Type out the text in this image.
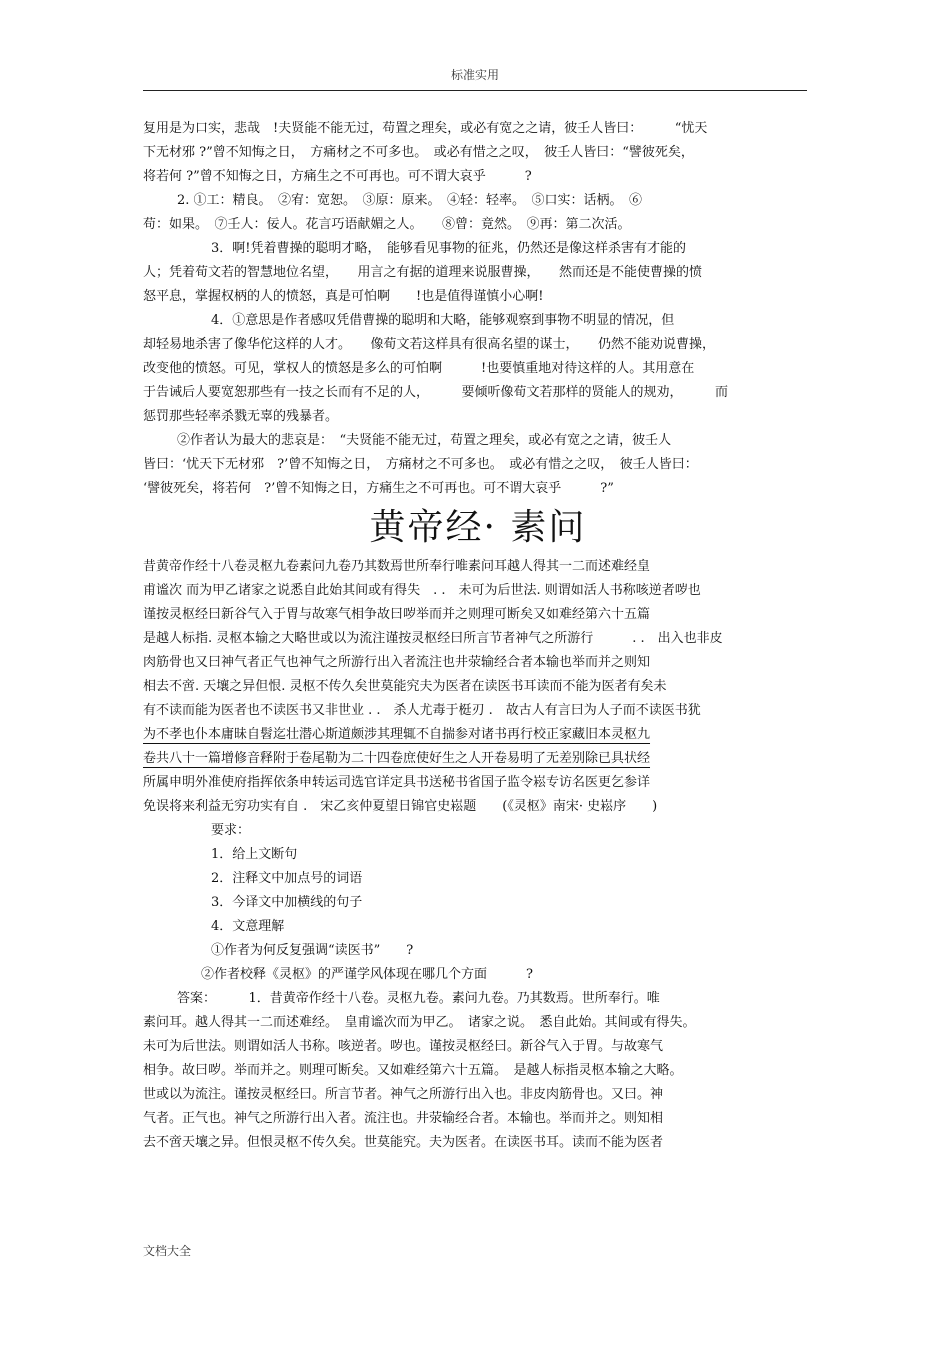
标准实用
复用是为口实，悲哉　!夫贤能不能无过，苟置之理矣，或必有宽之之请，彼壬人皆曰：　　　“忧天
下无材邪 ?”曾不知悔之日，　方痛材之不可多也。　或必有惜之之叹，　彼壬人皆曰：“譬彼死矣，
将若何 ?”曾不知悔之日，方痛生之不可再也。可不谓大哀乎　　　?
2. ①工：精良。　②宥：宽恕。　③原：原来。　④轻：轻率。　⑤口实：话柄。　⑥
苟：如果。　⑦壬人：佞人。花言巧语献媚之人。　　⑧曾：竟然。　⑨再：第二次活。
3．啊!凭着曹操的聪明才略，　能够看见事物的征兆，仍然还是像这样杀害有才能的
人；凭着荀文若的智慧地位名望，　　用言之有据的道理来说服曹操，　　然而还是不能使曹操的愤
怒平息，掌握权柄的人的愤怒，真是可怕啊　　!也是值得谨慎小心啊!
4．①意思是作者感叹凭借曹操的聪明和大略，能够观察到事物不明显的情况，但
却轻易地杀害了像华佗这样的人才。　　像荀文若这样具有很高名望的谋士，　　仍然不能劝说曹操，
改变他的愤怒。可见，掌权人的愤怒是多么的可怕啊　　　!也要慎重地对待这样的人。其用意在
于告诫后人要宽恕那些有一技之长而有不足的人，　　　要倾听像荀文若那样的贤能人的规劝，　　　而
惩罚那些轻率杀戮无辜的残暴者。
②作者认为最大的悲哀是：　“夫贤能不能无过，苟置之理矣，或必有宽之之请，彼壬人
皆曰：‘忧天下无材邪　?’曾不知悔之日，　方痛材之不可多也。　或必有惜之之叹，　彼壬人皆曰：
‘譬彼死矣，将若何　?’曾不知悔之日，方痛生之不可再也。可不谓大哀乎　　　?”
黄帝经· 素问
昔黄帝作经十八卷灵枢九卷素问九卷乃其数焉世所奉行唯素问耳越人得其一二而述难经皇
甫谧次 而为甲乙诸家之说悉自此始其间或有得失　. .　未可为后世法. 则谓如活人书称咳逆者哕也
谨按灵枢经曰新谷气入于胃与故寒气相争故曰哕举而并之则理可断矣又如难经第六十五篇
是越人标指. 灵枢本输之大略世或以为流注谨按灵枢经曰所言节者神气之所游行　　　. .　出入也非皮
肉筋骨也又曰神气者正气也神气之所游行出入者流注也井荥输经合者本输也举而并之则知
相去不啻. 天壤之异但恨. 灵枢不传久矣世莫能究夫为医者在读医书耳读而不能为医者有矣未
有不读而能为医者也不读医书又非世业 . .　杀人尤毒于梃刃 .　故古人有言曰为人子而不读医书犹
为不孝也仆本庸昧自髫迄壮潜心斯道颇涉其理辄不自揣参对诸书再行校正家藏旧本灵枢九
卷共八十一篇增修音释附于卷尾勒为二十四卷庶使好生之人开卷易明了无差别除已具状经
所属申明外准使府指挥依条申转运司选官详定具书送秘书省国子监令崧专访名医更乞参详
免误将来利益无穷功实有自 .　宋乙亥仲夏望日锦官史崧题　　(《灵枢》南宋· 史崧序　　)
要求：
1．给上文断句
2．注释文中加点号的词语
3．今译文中加横线的句子
4．文意理解
①作者为何反复强调“读医书”　　?
②作者校释《灵枢》的严谨学风体现在哪几个方面　　　?
答案：　　　1．昔黄帝作经十八卷。灵枢九卷。素问九卷。乃其数焉。世所奉行。唯
素问耳。越人得其一二而述难经。　皇甫谧次而为甲乙。　诸家之说。　悉自此始。其间或有得失。
未可为后世法。则谓如活人书称。咳逆者。哕也。谨按灵枢经曰。新谷气入于胃。与故寒气
相争。故曰哕。举而并之。则理可断矣。又如难经第六十五篇。　是越人标指灵枢本输之大略。
世或以为流注。谨按灵枢经曰。所言节者。神气之所游行出入也。非皮肉筋骨也。又曰。神
气者。正气也。神气之所游行出入者。流注也。井荥输经合者。本输也。举而并之。则知相
去不啻天壤之异。但恨灵枢不传久矣。世莫能究。夫为医者。在读医书耳。读而不能为医者
文档大全
